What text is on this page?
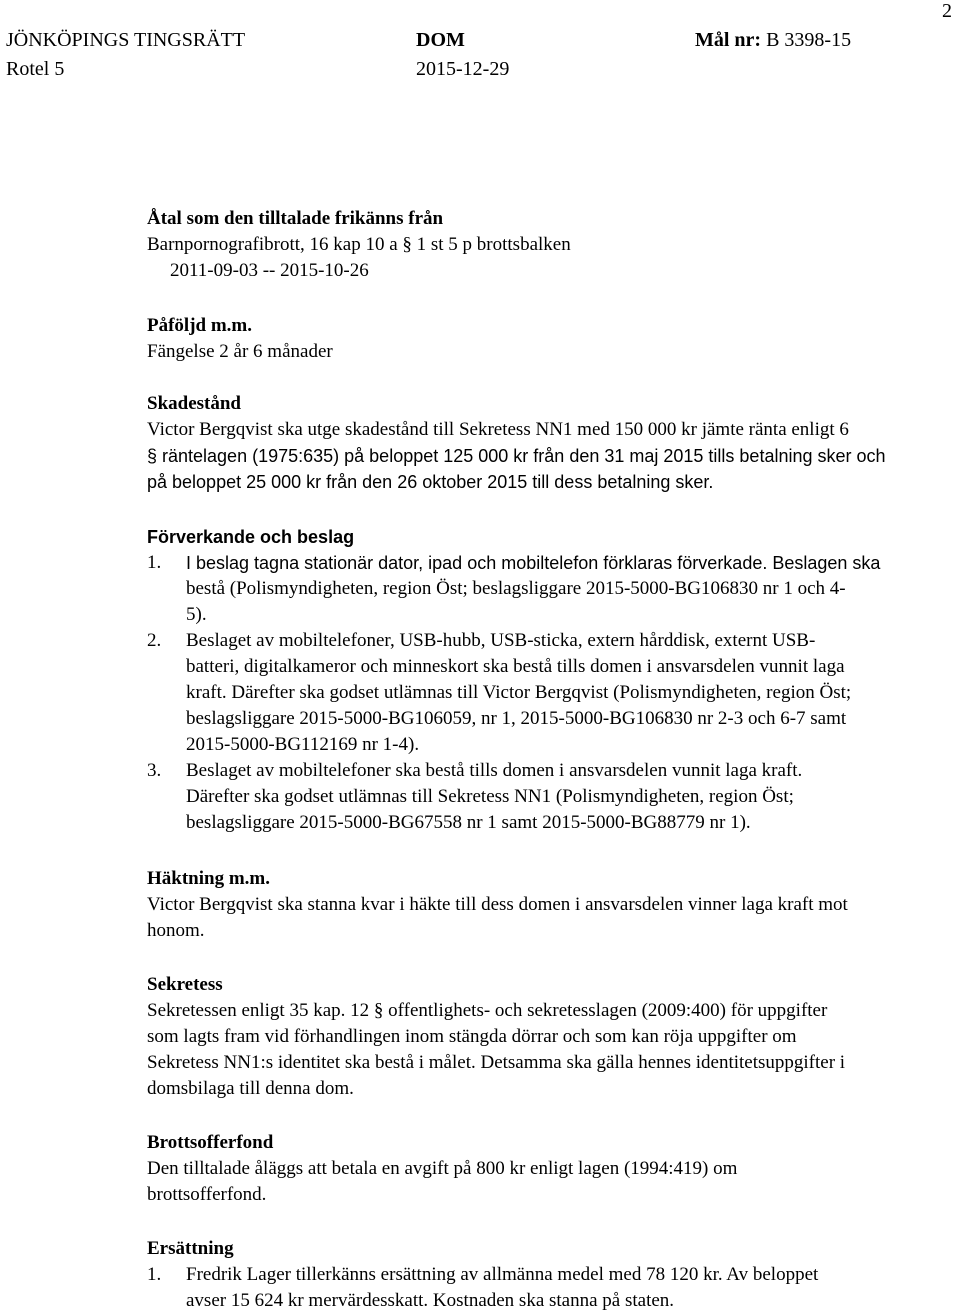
2
JÖNKÖPINGS TINGSRÄTT
Rotel 5
DOM
2015-12-29
Mål nr: B 3398-15

Åtal som den tilltalade frikänns från

Barnpornografibrott, 16 kap 10 a § 1 st 5 p brottsbalken

2011-09-03 -- 2015-10-26

Påföljd m.m.

Fängelse 2 år 6 månader

Skadestånd

Victor Bergqvist ska utge skadestånd till Sekretess NN1 med 150 000 kr jämte ränta enligt 6

§ räntelagen (1975:635) på beloppet 125 000 kr från den 31 maj 2015 tills betalning sker och

på beloppet 25 000 kr från den 26 oktober 2015 till dess betalning sker.

Förverkande och beslag

1. I beslag tagna stationär dator, ipad och mobiltelefon förklaras förverkade. Beslagen ska

bestå (Polismyndigheten, region Öst; beslagsliggare 2015-5000-BG106830 nr 1 och 4-

5).

2. Beslaget av mobiltelefoner, USB-hubb, USB-sticka, extern hårddisk, externt USB-

batteri, digitalkameror och minneskort ska bestå tills domen i ansvarsdelen vunnit laga

kraft. Därefter ska godset utlämnas till Victor Bergqvist (Polismyndigheten, region Öst;

beslagsliggare 2015-5000-BG106059, nr 1, 2015-5000-BG106830 nr 2-3 och 6-7 samt

2015-5000-BG112169 nr 1-4).

3. Beslaget av mobiltelefoner ska bestå tills domen i ansvarsdelen vunnit laga kraft.

Därefter ska godset utlämnas till Sekretess NN1 (Polismyndigheten, region Öst;

beslagsliggare 2015-5000-BG67558 nr 1 samt 2015-5000-BG88779 nr 1).

Häktning m.m.

Victor Bergqvist ska stanna kvar i häkte till dess domen i ansvarsdelen vinner laga kraft mot

honom.

Sekretess

Sekretessen enligt 35 kap. 12 § offentlighets- och sekretesslagen (2009:400) för uppgifter

som lagts fram vid förhandlingen inom stängda dörrar och som kan röja uppgifter om

Sekretess NN1:s identitet ska bestå i målet. Detsamma ska gälla hennes identitetsuppgifter i

domsbilaga till denna dom.

Brottsofferfond

Den tilltalade åläggs att betala en avgift på 800 kr enligt lagen (1994:419) om

brottsofferfond.

Ersättning

1. Fredrik Lager tillerkänns ersättning av allmänna medel med 78 120 kr. Av beloppet

avser 15 624 kr mervärdesskatt. Kostnaden ska stanna på staten.
